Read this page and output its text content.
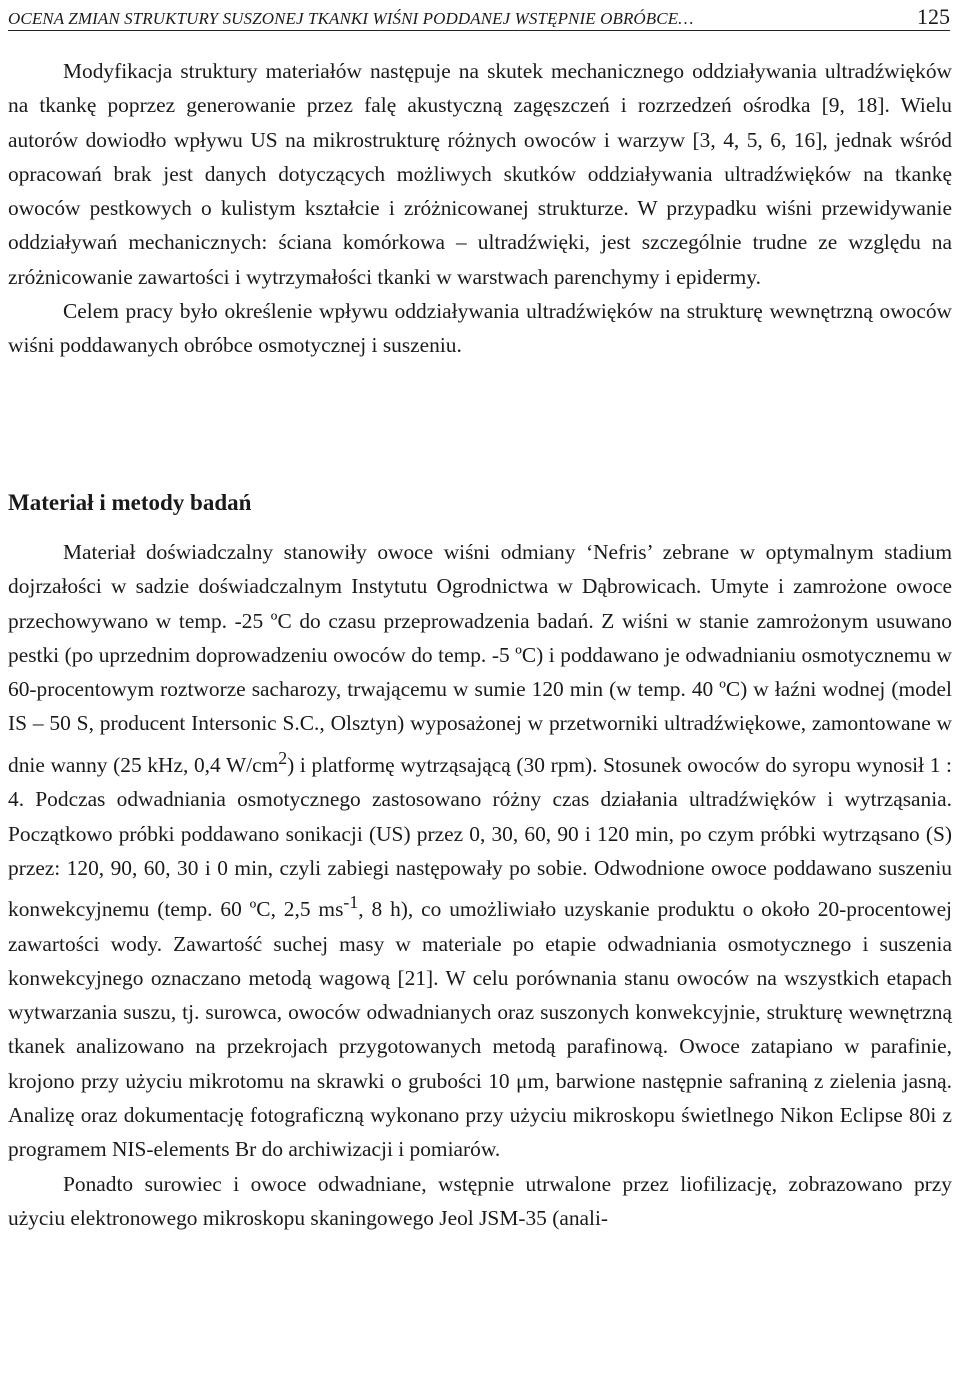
OCENA ZMIAN STRUKTURY SUSZONEJ TKANKI WIŚNI PODDANEJ WSTĘPNIE OBRÓBCE…	125

Modyfikacja struktury materiałów następuje na skutek mechanicznego oddziaływania ultradźwięków na tkankę poprzez generowanie przez falę akustyczną zagęszczeń i rozrzedzeń ośrodka [9, 18]. Wielu autorów dowiodło wpływu US na mikrostrukturę różnych owoców i warzyw [3, 4, 5, 6, 16], jednak wśród opracowań brak jest danych dotyczących możliwych skutków oddziaływania ultradźwięków na tkankę owoców pestkowych o kulistym kształcie i zróżnicowanej strukturze. W przypadku wiśni przewidywanie oddziaływań mechanicznych: ściana komórkowa – ultradźwięki, jest szczególnie trudne ze względu na zróżnicowanie zawartości i wytrzymałości tkanki w warstwach parenchymy i epidermy.

Celem pracy było określenie wpływu oddziaływania ultradźwięków na strukturę wewnętrzną owoców wiśni poddawanych obróbce osmotycznej i suszeniu.

Materiał i metody badań

Materiał doświadczalny stanowiły owoce wiśni odmiany ‘Nefris’ zebrane w optymalnym stadium dojrzałości w sadzie doświadczalnym Instytutu Ogrodnictwa w Dąbrowicach. Umyte i zamrożone owoce przechowywano w temp. -25 ºC do czasu przeprowadzenia badań. Z wiśni w stanie zamrożonym usuwano pestki (po uprzednim doprowadzeniu owoców do temp. -5 ºC) i poddawano je odwadnianiu osmotycznemu w 60-procentowym roztworze sacharozy, trwającemu w sumie 120 min (w temp. 40 ºC) w łaźni wodnej (model IS – 50 S, producent Intersonic S.C., Olsztyn) wyposażonej w przetworniki ultradźwiękowe, zamontowane w dnie wanny (25 kHz, 0,4 $W/cm^2$) i platformę wytrząsającą (30 rpm). Stosunek owoców do syropu wynosił 1 : 4. Podczas odwadniania osmotycznego zastosowano różny czas działania ultradźwięków i wytrząsania. Początkowo próbki poddawano sonikacji (US) przez 0, 30, 60, 90 i 120 min, po czym próbki wytrząsano (S) przez: 120, 90, 60, 30 i 0 min, czyli zabiegi następowały po sobie. Odwodnione owoce poddawano suszeniu konwekcyjnemu (temp. 60 ºC, 2,5 $ms^{-1}$, 8 h), co umożliwiało uzyskanie produktu o około 20-procentowej zawartości wody. Zawartość suchej masy w materiale po etapie odwadniania osmotycznego i suszenia konwekcyjnego oznaczano metodą wagową [21]. W celu porównania stanu owoców na wszystkich etapach wytwarzania suszu, tj. surowca, owoców odwadnianych oraz suszonych konwekcyjnie, strukturę wewnętrzną tkanek analizowano na przekrojach przygotowanych metodą parafinową. Owoce zatapiano w parafinie, krojono przy użyciu mikrotomu na skrawki o grubości 10 μm, barwione następnie safraniną z zieleniа jasną. Analizę oraz dokumentację fotograficzną wykonano przy użyciu mikroskopu świetlnego Nikon Eclipse 80i z programem NIS-elements Br do archiwizacji i pomiarów.

Ponadto surowiec i owoce odwadniane, wstępnie utrwalone przez liofilizację, zobrazowano przy użyciu elektronowego mikroskopu skaningowego Jeol JSM-35 (anali-
